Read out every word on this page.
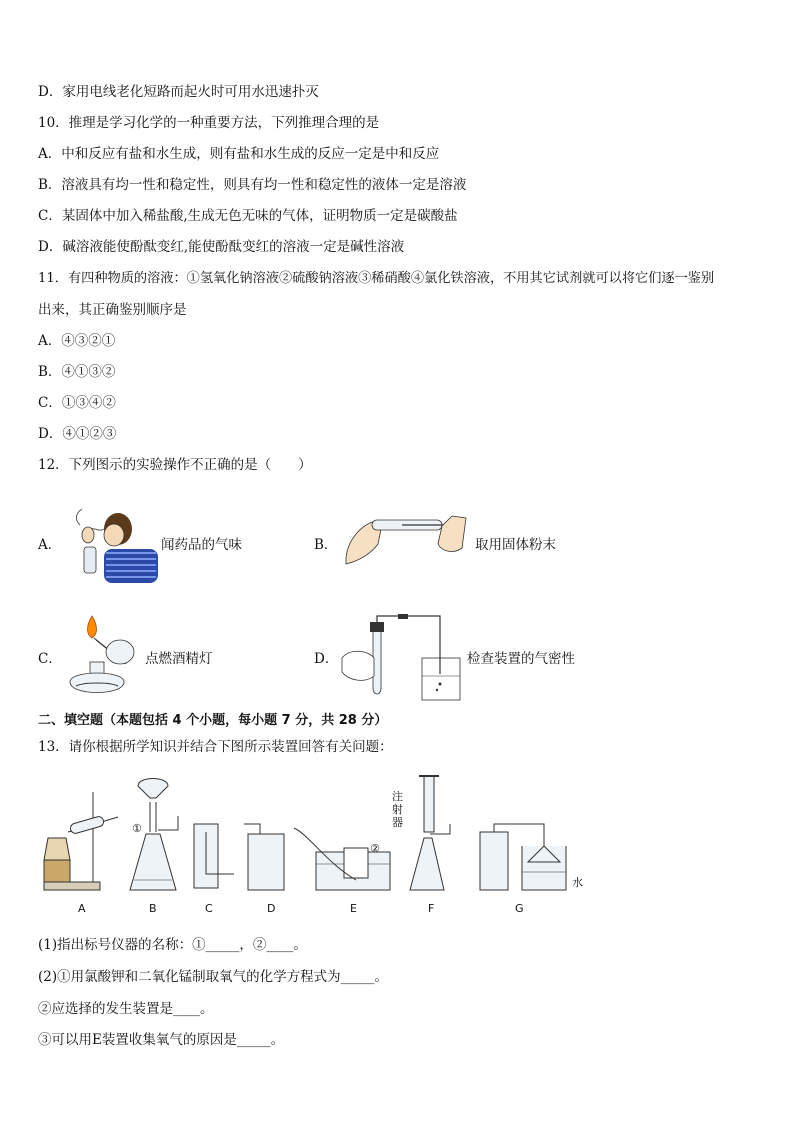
D．家用电线老化短路而起火时可用水迅速扑灭
10．推理是学习化学的一种重要方法，下列推理合理的是
A．中和反应有盐和水生成，则有盐和水生成的反应一定是中和反应
B．溶液具有均一性和稳定性，则具有均一性和稳定性的液体一定是溶液
C．某固体中加入稀盐酸,生成无色无味的气体，证明物质一定是碳酸盐
D．碱溶液能使酚酞变红,能使酚酞变红的溶液一定是碱性溶液
11．有四种物质的溶液：①氢氧化钠溶液②硫酸钠溶液③稀硝酸④氯化铁溶液，不用其它试剂就可以将它们逐一鉴别
出来，其正确鉴别顺序是
A．④③②①
B．④①③②
C．①③④②
D．④①②③
12．下列图示的实验操作不正确的是（　　）
A．	闻药品的气味	B．	取用固体粉末
C．	点燃酒精灯	D．	检查装置的气密性
二、填空题（本题包括 4 个小题，每小题 7 分，共 28 分）
13．请你根据所学知识并结合下图所示装置回答有关问题：
①
②
注射器
水
A	B	C	D	E	F	G
(1)指出标号仪器的名称：①_____，②____。
(2)①用氯酸钾和二氧化锰制取氧气的化学方程式为_____。
②应选择的发生装置是____。
③可以用E装置收集氧气的原因是_____。
